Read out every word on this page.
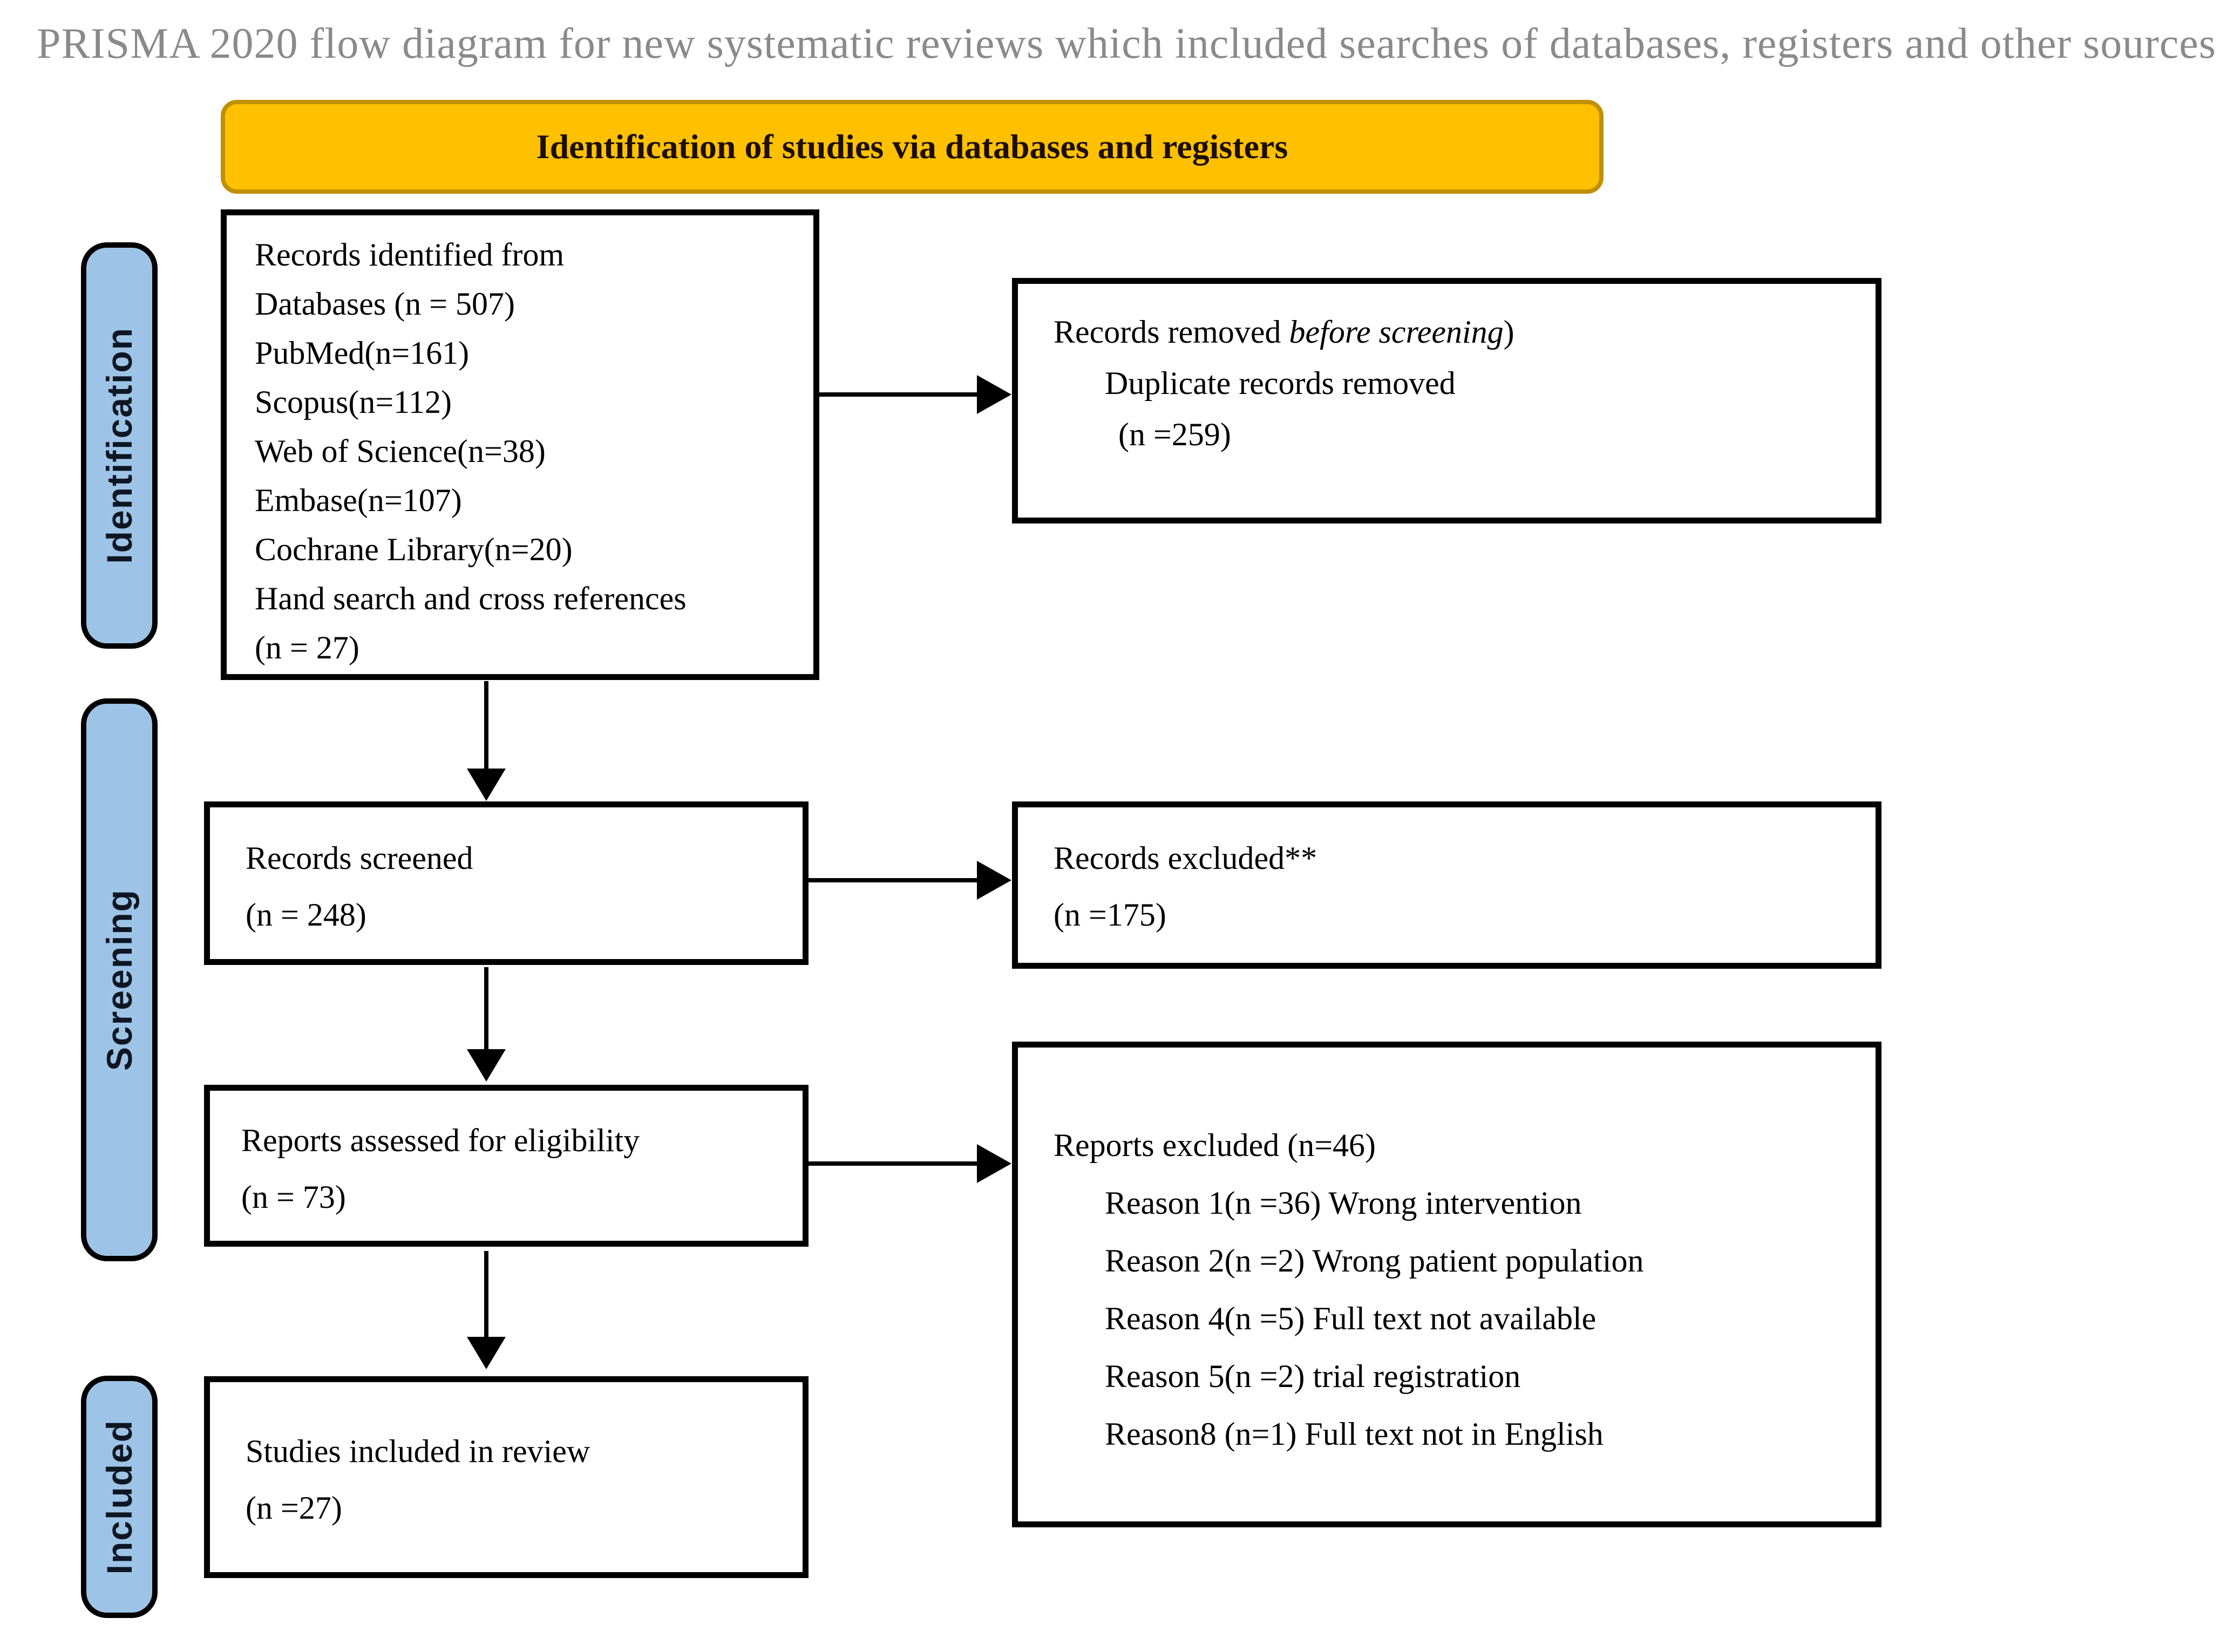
PRISMA 2020 flow diagram for new systematic reviews which included searches of databases, registers and other sources
Identification of studies via databases and registers
Identification
Screening
Included
Records identified from
Databases (n = 507)
PubMed(n=161)
Scopus(n=112)
Web of Science(n=38)
Embase(n=107)
Cochrane Library(n=20)
Hand search and cross references
(n = 27)
Records removed before screening)
Duplicate records removed
(n =259)
Records screened
(n = 248)
Records excluded**
(n =175)
Reports assessed for eligibility
(n = 73)
Reports excluded (n=46)
Reason 1(n =36) Wrong intervention
Reason 2(n =2) Wrong patient population
Reason 4(n =5) Full text not available
Reason 5(n =2) trial registration
Reason8 (n=1) Full text not in English
Studies included in review
(n =27)
